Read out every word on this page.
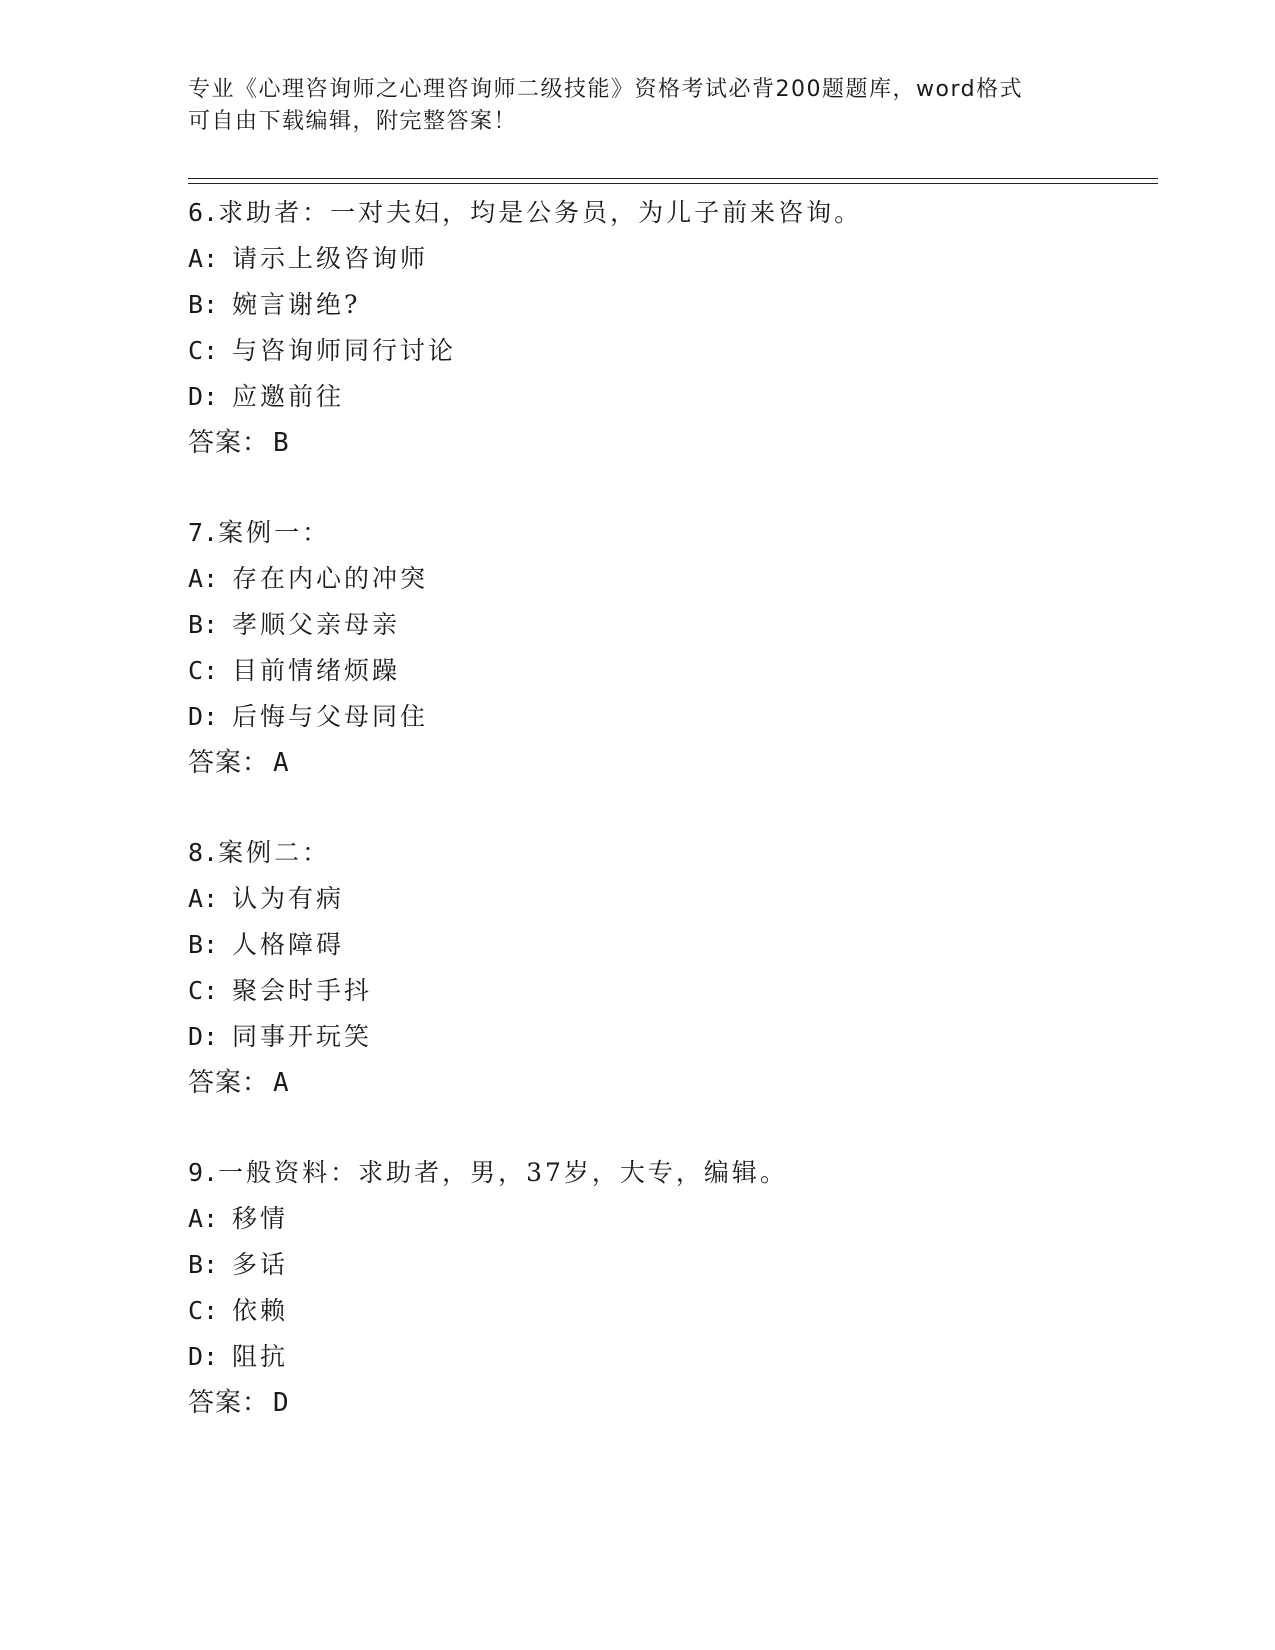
专业《心理咨询师之心理咨询师二级技能》资格考试必背200题题库，word格式
可自由下载编辑，附完整答案！
6.求助者：一对夫妇，均是公务员，为儿子前来咨询。
A: 请示上级咨询师
B: 婉言谢绝?
C: 与咨询师同行讨论
D: 应邀前往
答案： B
7.案例一：
A: 存在内心的冲突
B: 孝顺父亲母亲
C: 目前情绪烦躁
D: 后悔与父母同住
答案： A
8.案例二：
A: 认为有病
B: 人格障碍
C: 聚会时手抖
D: 同事开玩笑
答案： A
9.一般资料：求助者，男，37岁，大专，编辑。
A: 移情
B: 多话
C: 依赖
D: 阻抗
答案： D
